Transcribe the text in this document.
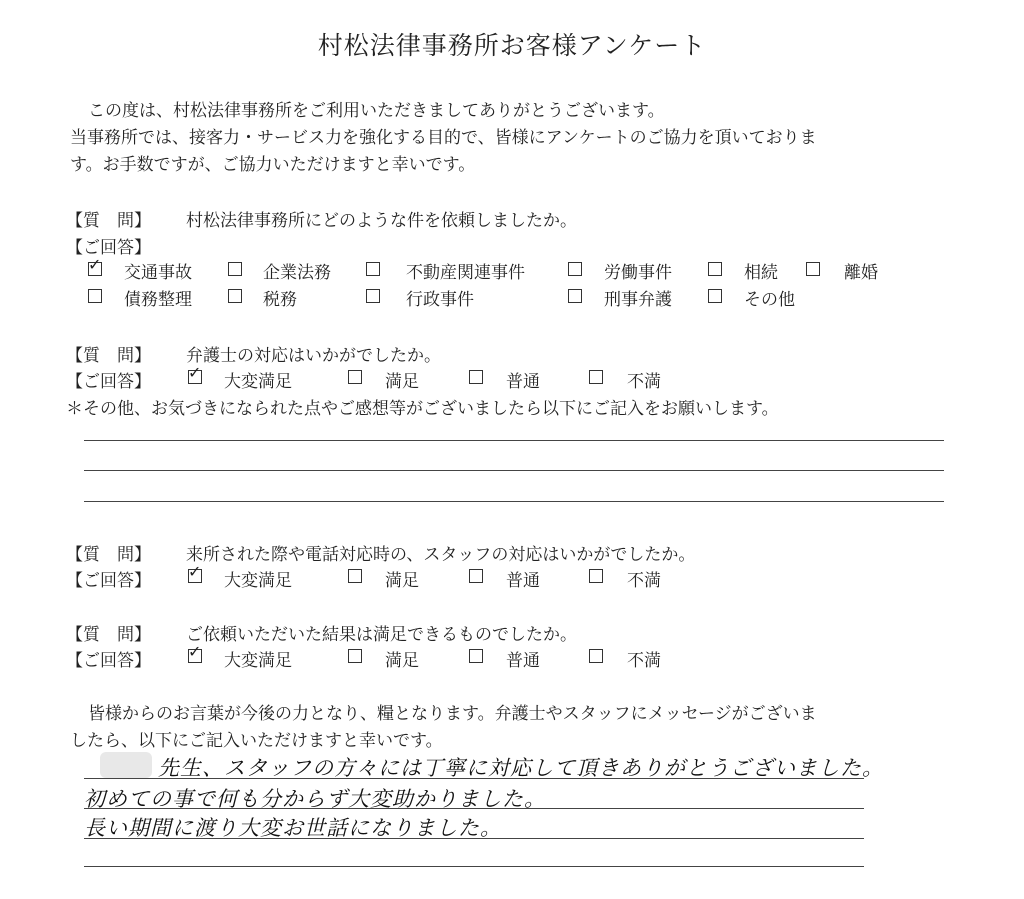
村松法律事務所お客様アンケート
この度は、村松法律事務所をご利用いただきましてありがとうございます。
当事務所では、接客力・サービス力を強化する目的で、皆様にアンケートのご協力を頂いておりま
す。お手数ですが、ご協力いただけますと幸いです。
【質　問】 村松法律事務所にどのような件を依頼しましたか。
【ご回答】
✓ 交通事故	企業法務	不動産関連事件	労働事件	相続	離婚
債務整理	税務	行政事件	刑事弁護	その他
【質　問】 弁護士の対応はいかがでしたか。
【ご回答】 ✓ 大変満足	満足	普通	不満
＊その他、お気づきになられた点やご感想等がございましたら以下にご記入をお願いします。
【質　問】 来所された際や電話対応時の、スタッフの対応はいかがでしたか。
【ご回答】 ✓ 大変満足	満足	普通	不満
【質　問】 ご依頼いただいた結果は満足できるものでしたか。
【ご回答】 ✓ 大変満足	満足	普通	不満
皆様からのお言葉が今後の力となり、糧となります。弁護士やスタッフにメッセージがございま
したら、以下にご記入いただけますと幸いです。
先生、スタッフの方々には丁寧に対応して頂きありがとうございました。
初めての事で何も分からず大変助かりました。
長い期間に渡り大変お世話になりました。
